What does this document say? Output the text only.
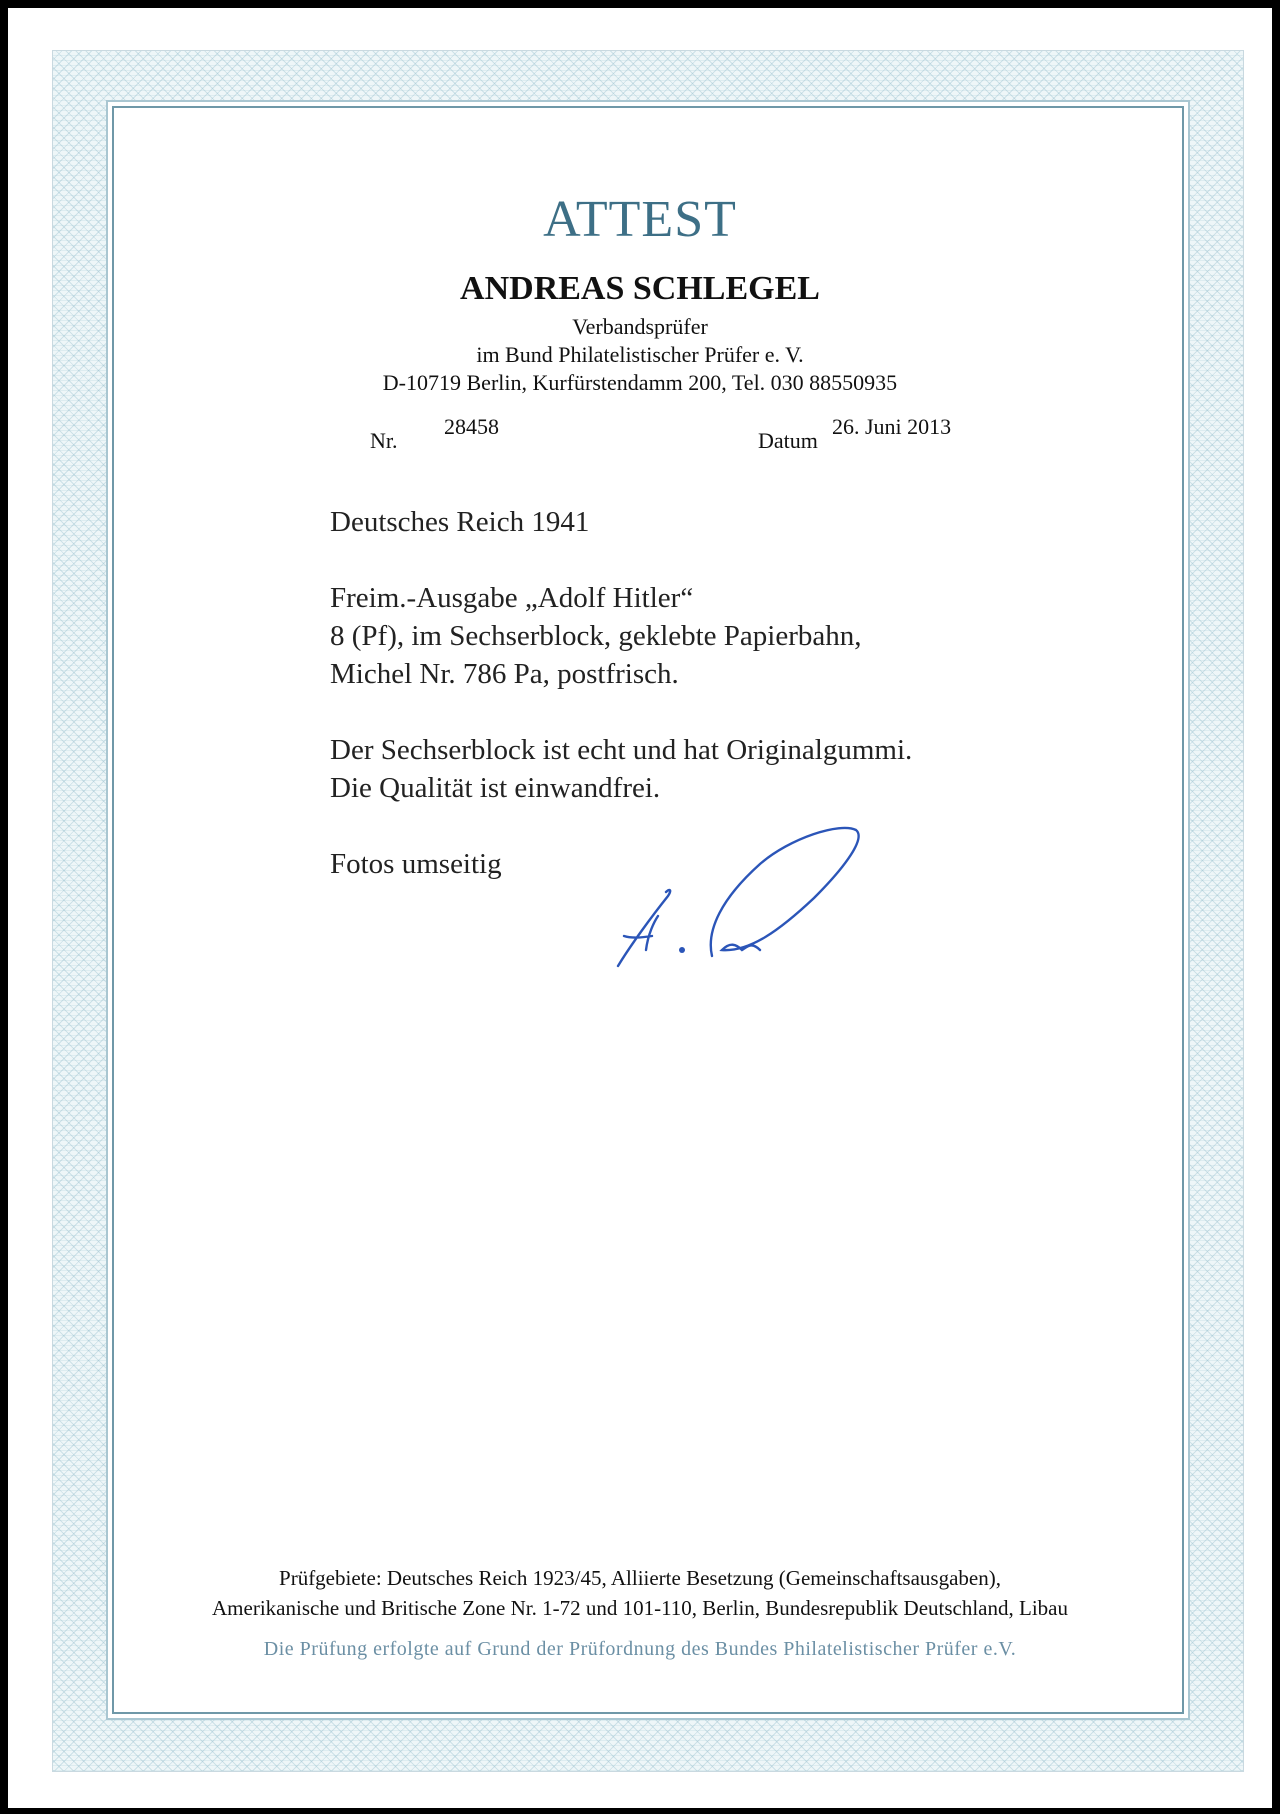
ATTEST
ANDREAS SCHLEGEL
Verbandsprüfer
im Bund Philatelistischer Prüfer e. V.
D-10719 Berlin, Kurfürstendamm 200, Tel. 030 88550935
Nr.
28458
Datum
26. Juni 2013
Deutsches Reich 1941
Freim.-Ausgabe „Adolf Hitler“
8 (Pf), im Sechserblock, geklebte Papierbahn,
Michel Nr. 786 Pa, postfrisch.
Der Sechserblock ist echt und hat Originalgummi.
Die Qualität ist einwandfrei.
Fotos umseitig
Prüfgebiete: Deutsches Reich 1923/45, Alliierte Besetzung (Gemeinschaftsausgaben),
Amerikanische und Britische Zone Nr. 1-72 und 101-110, Berlin, Bundesrepublik Deutschland, Libau
Die Prüfung erfolgte auf Grund der Prüfordnung des Bundes Philatelistischer Prüfer e.V.
